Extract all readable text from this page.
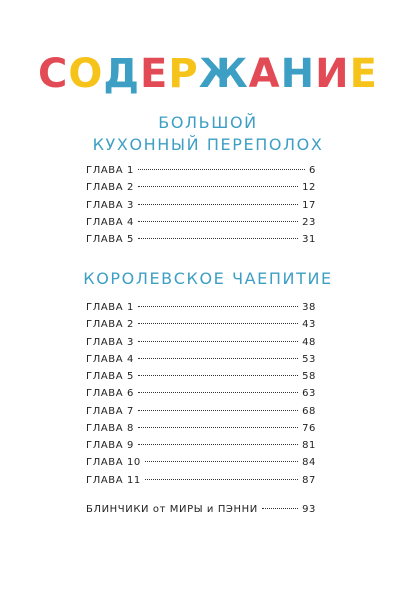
СОДЕРЖАНИЕ
БОЛЬШОЙ
КУХОННЫЙ ПЕРЕПОЛОХ
ГЛАВА 1	6
ГЛАВА 2	12
ГЛАВА 3	17
ГЛАВА 4	23
ГЛАВА 5	31
КОРОЛЕВСКОЕ ЧАЕПИТИЕ
ГЛАВА 1	38
ГЛАВА 2	43
ГЛАВА 3	48
ГЛАВА 4	53
ГЛАВА 5	58
ГЛАВА 6	63
ГЛАВА 7	68
ГЛАВА 8	76
ГЛАВА 9	81
ГЛАВА 10	84
ГЛАВА 11	87
БЛИНЧИКИ от МИРЫ и ПЭННИ	93
